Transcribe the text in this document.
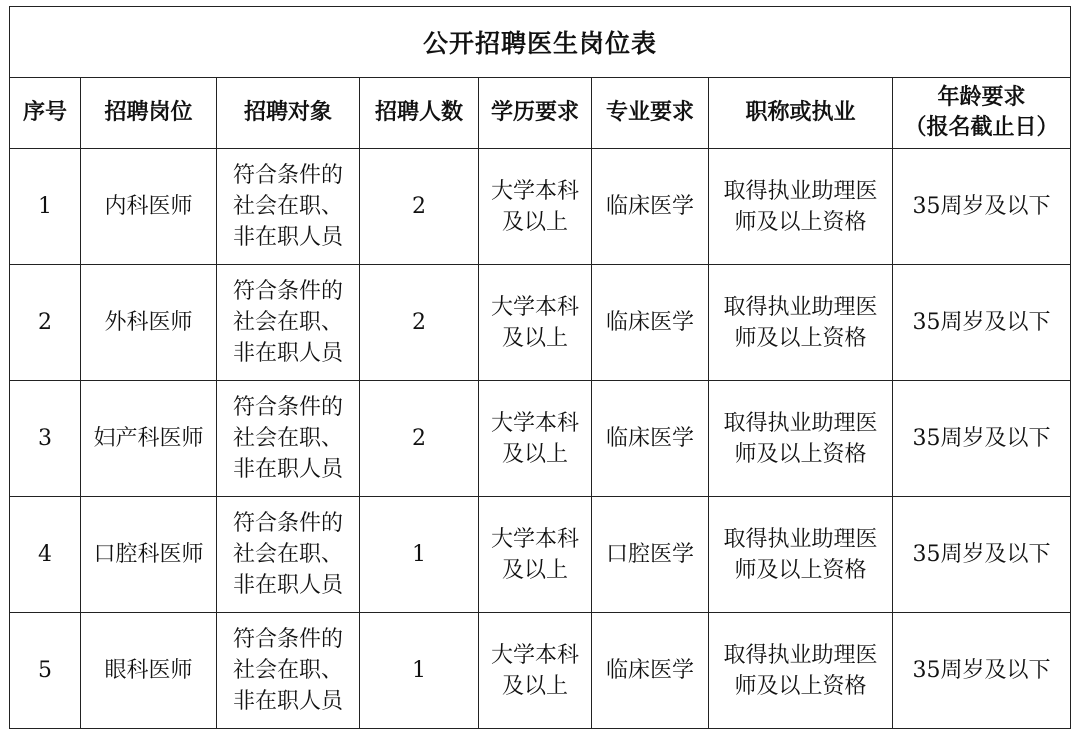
公开招聘医生岗位表							
序号	招聘岗位	招聘对象	招聘人数	学历要求	专业要求	职称或执业	年龄要求
（报名截止日）

1	内科医师	符合条件的
社会在职、
非在职人员	2	大学本科
及以上	临床医学	取得执业助理医
师及以上资格	35周岁及以下
2	外科医师	符合条件的
社会在职、
非在职人员	2	大学本科
及以上	临床医学	取得执业助理医
师及以上资格	35周岁及以下
3	妇产科医师	符合条件的
社会在职、
非在职人员	2	大学本科
及以上	临床医学	取得执业助理医
师及以上资格	35周岁及以下
4	口腔科医师	符合条件的
社会在职、
非在职人员	1	大学本科
及以上	口腔医学	取得执业助理医
师及以上资格	35周岁及以下
5	眼科医师	符合条件的
社会在职、
非在职人员	1	大学本科
及以上	临床医学	取得执业助理医
师及以上资格	35周岁及以下
